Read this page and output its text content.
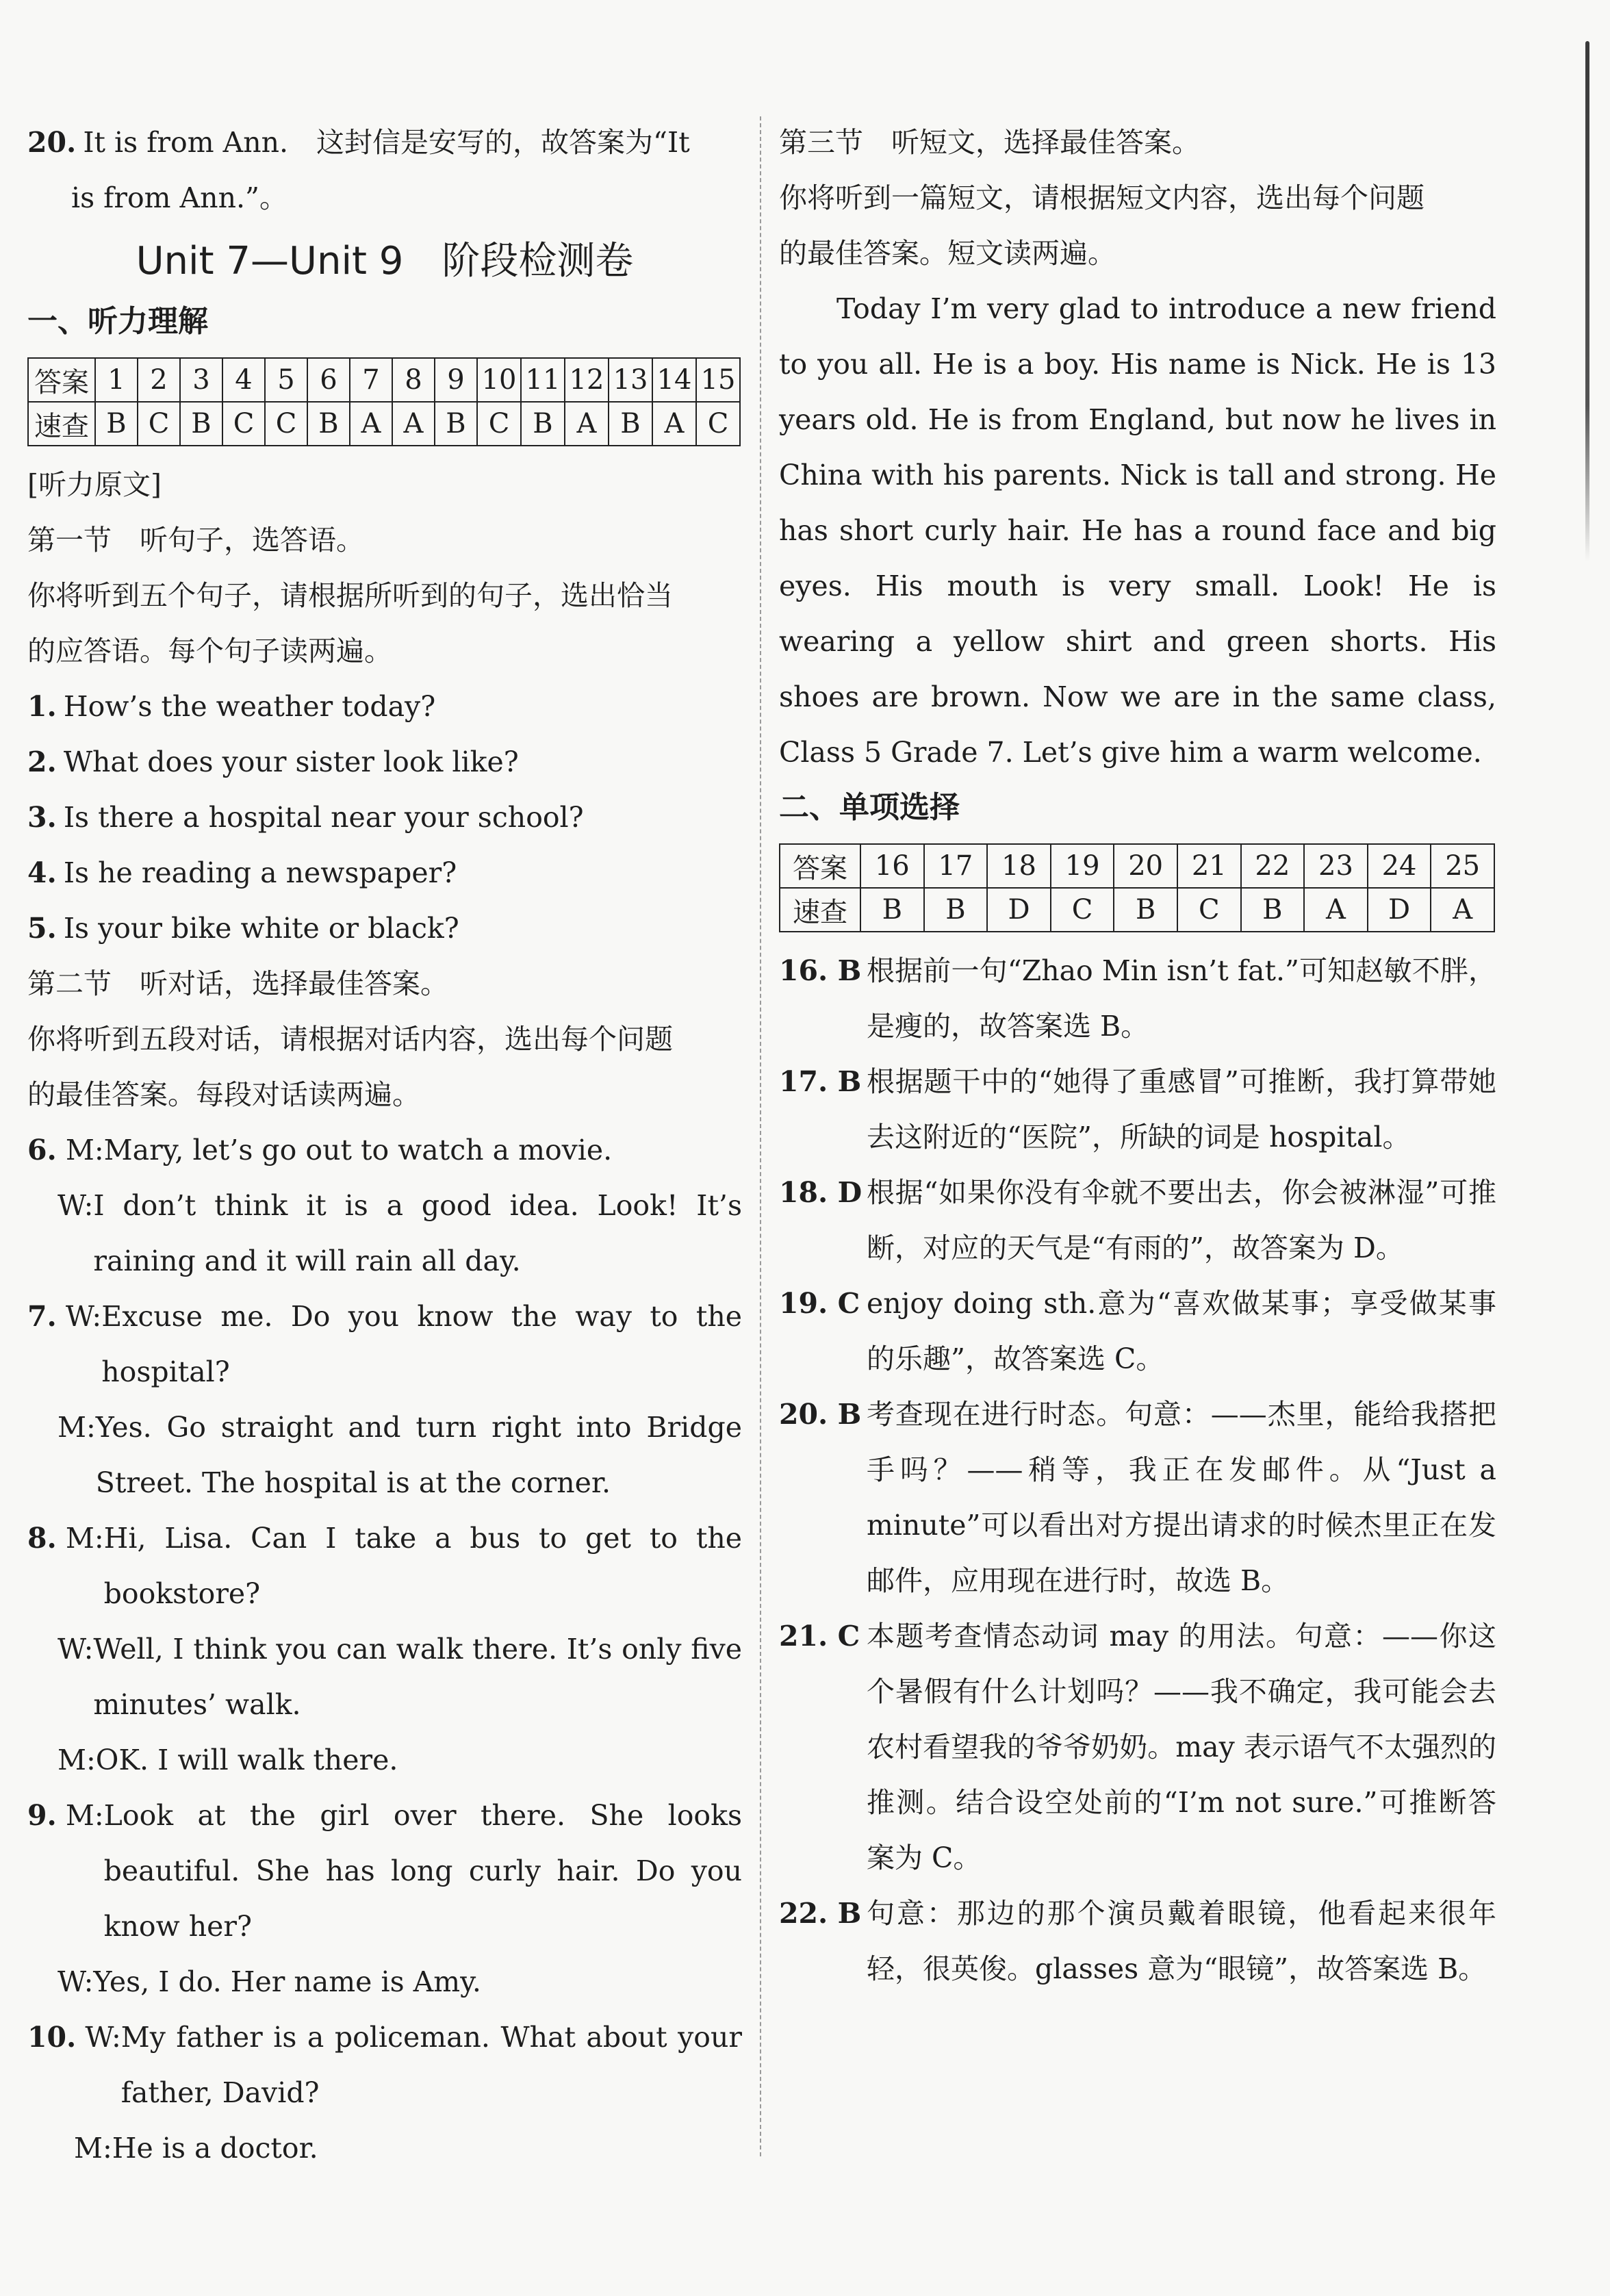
20. It is from Ann.　这封信是安写的，故答案为“It
is from Ann.”。
Unit 7—Unit 9　阶段检测卷
一、听力理解
答案	1	2	3	4	5	6	7	8	9	10	11	12	13	14	15
速查	B	C	B	C	C	B	A	A	B	C	B	A	B	A	C
[听力原文]
第一节　听句子，选答语。
你将听到五个句子，请根据所听到的句子，选出恰当
的应答语。每个句子读两遍。
1. How’s the weather today?
2. What does your sister look like?
3. Is there a hospital near your school?
4. Is he reading a newspaper?
5. Is your bike white or black?
第二节　听对话，选择最佳答案。
你将听到五段对话，请根据对话内容，选出每个问题
的最佳答案。每段对话读两遍。
6. M: Mary, let’s go out to watch a movie.
W: I don’t think it is a good idea. Look! It’s raining and it will rain all day.
7. W: Excuse me. Do you know the way to the hospital?
M: Yes. Go straight and turn right into Bridge Street. The hospital is at the corner.
8. M: Hi, Lisa. Can I take a bus to get to the bookstore?
W: Well, I think you can walk there. It’s only five minutes’ walk.
M: OK. I will walk there.
9. M: Look at the girl over there. She looks beautiful. She has long curly hair. Do you know her?
W: Yes, I do. Her name is Amy.
10. W: My father is a policeman. What about your father, David?
M: He is a doctor.
第三节　听短文，选择最佳答案。
你将听到一篇短文，请根据短文内容，选出每个问题
的最佳答案。短文读两遍。
Today I’m very glad to introduce a new friend to you all. He is a boy. His name is Nick. He is 13 years old. He is from England, but now he lives in China with his parents. Nick is tall and strong. He has short curly hair. He has a round face and big eyes. His mouth is very small. Look! He is wearing a yellow shirt and green shorts. His shoes are brown. Now we are in the same class, Class 5 Grade 7. Let’s give him a warm welcome.
二、单项选择
答案	16	17	18	19	20	21	22	23	24	25
速查	B	B	D	C	B	C	B	A	D	A
16. B 根据前一句“Zhao Min isn’t fat.”可知赵敏不胖，是瘦的，故答案选 B。
17. B 根据题干中的“她得了重感冒”可推断，我打算带她去这附近的“医院”，所缺的词是 hospital。
18. D 根据“如果你没有伞就不要出去，你会被淋湿”可推断，对应的天气是“有雨的”，故答案为 D。
19. C enjoy doing sth.意为“喜欢做某事；享受做某事的乐趣”，故答案选 C。
20. B 考查现在进行时态。句意：——杰里，能给我搭把手吗？——稍等，我正在发邮件。从“Just a minute”可以看出对方提出请求的时候杰里正在发邮件，应用现在进行时，故选 B。
21. C 本题考查情态动词 may 的用法。句意：——你这个暑假有什么计划吗？——我不确定，我可能会去农村看望我的爷爷奶奶。may 表示语气不太强烈的推测。结合设空处前的“I’m not sure.”可推断答案为 C。
22. B 句意：那边的那个演员戴着眼镜，他看起来很年轻，很英俊。glasses 意为“眼镜”，故答案选 B。
